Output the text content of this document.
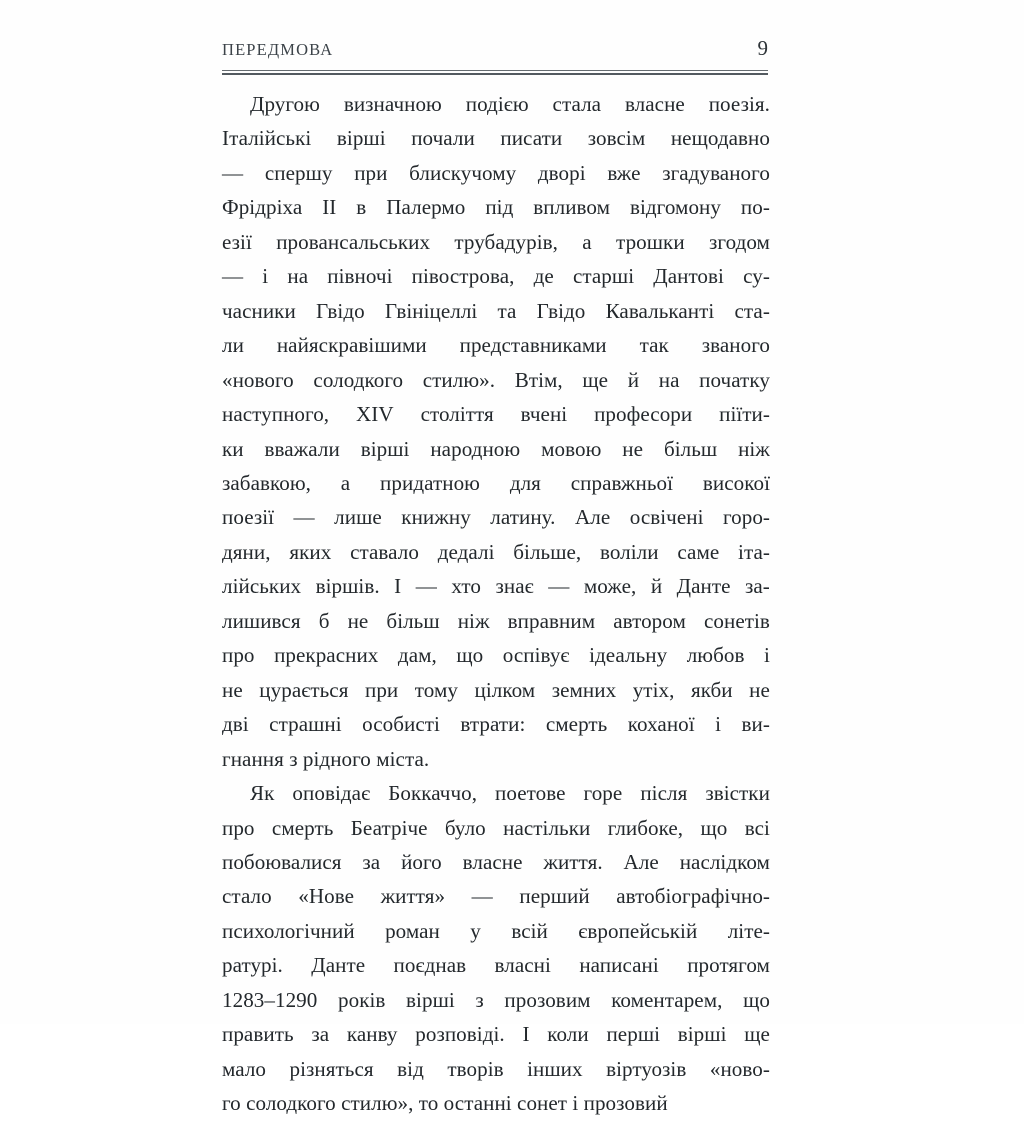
ПЕРЕДМОВА	9

Другою визначною подією стала власне поезія.
Італійські вірші почали писати зовсім нещодавно
— спершу при блискучому дворі вже згадуваного
Фрідріха II в Палермо під впливом відгомону по-
езії провансальських трубадурів, а трошки згодом
— і на півночі півострова, де старші Дантові су-
часники Гвідо Гвініцеллі та Гвідо Кавальканті ста-
ли найяскравішими представниками так званого
«нового солодкого стилю». Втім, ще й на початку
наступного, XIV століття вчені професори піїти-
ки вважали вірші народною мовою не більш ніж
забавкою, а придатною для справжньої високої
поезії — лише книжну латину. Але освічені горо-
дяни, яких ставало дедалі більше, воліли саме іта-
лійських віршів. І — хто знає — може, й Данте за-
лишився б не більш ніж вправним автором сонетів
про прекрасних дам, що оспівує ідеальну любов і
не цурається при тому цілком земних утіх, якби не
дві страшні особисті втрати: смерть коханої і ви-
гнання з рідного міста.

Як оповідає Боккаччо, поетове горе після звістки
про смерть Беатріче було настільки глибоке, що всі
побоювалися за його власне життя. Але наслідком
стало «Нове життя» — перший автобіографічно-
психологічний роман у всій європейській літе-
ратурі. Данте поєднав власні написані протягом
1283–1290 років вірші з прозовим коментарем, що
править за канву розповіді. І коли перші вірші ще
мало різняться від творів інших віртуозів «ново-
го солодкого стилю», то останні сонет і прозовий
